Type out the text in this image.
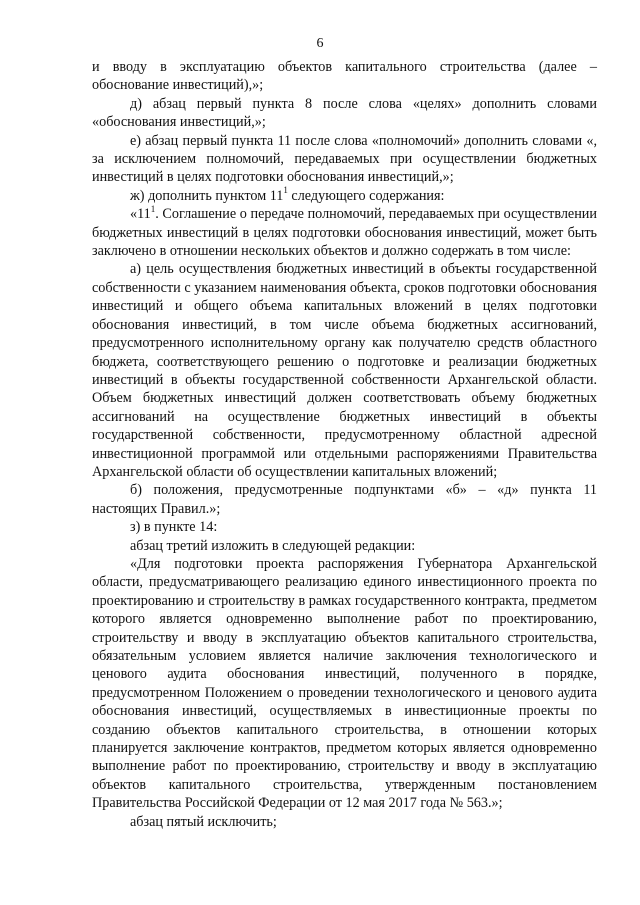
6

и вводу в эксплуатацию объектов капитального строительства (далее – обоснование инвестиций),»;

д) абзац первый пункта 8 после слова «целях» дополнить словами «обоснования инвестиций,»;

е) абзац первый пункта 11 после слова «полномочий» дополнить словами «, за исключением полномочий, передаваемых при осуществлении бюджетных инвестиций в целях подготовки обоснования инвестиций,»;

ж) дополнить пунктом $11^1$ следующего содержания:

«$11^1$. Соглашение о передаче полномочий, передаваемых при осуществлении бюджетных инвестиций в целях подготовки обоснования инвестиций, может быть заключено в отношении нескольких объектов и должно содержать в том числе:

а) цель осуществления бюджетных инвестиций в объекты государственной собственности с указанием наименования объекта, сроков подготовки обоснования инвестиций и общего объема капитальных вложений в целях подготовки обоснования инвестиций, в том числе объема бюджетных ассигнований, предусмотренного исполнительному органу как получателю средств областного бюджета, соответствующего решению о подготовке и реализации бюджетных инвестиций в объекты государственной собственности Архангельской области. Объем бюджетных инвестиций должен соответствовать объему бюджетных ассигнований на осуществление бюджетных инвестиций в объекты государственной собственности, предусмотренному областной адресной инвестиционной программой или отдельными распоряжениями Правительства Архангельской области об осуществлении капитальных вложений;

б) положения, предусмотренные подпунктами «б» – «д» пункта 11 настоящих Правил.»;

з) в пункте 14:

абзац третий изложить в следующей редакции:

«Для подготовки проекта распоряжения Губернатора Архангельской области, предусматривающего реализацию единого инвестиционного проекта по проектированию и строительству в рамках государственного контракта, предметом которого является одновременно выполнение работ по проектированию, строительству и вводу в эксплуатацию объектов капитального строительства, обязательным условием является наличие заключения технологического и ценового аудита обоснования инвестиций, полученного в порядке, предусмотренном Положением о проведении технологического и ценового аудита обоснования инвестиций, осуществляемых в инвестиционные проекты по созданию объектов капитального строительства, в отношении которых планируется заключение контрактов, предметом которых является одновременно выполнение работ по проектированию, строительству и вводу в эксплуатацию объектов капитального строительства, утвержденным постановлением Правительства Российской Федерации от 12 мая 2017 года № 563.»;

абзац пятый исключить;
